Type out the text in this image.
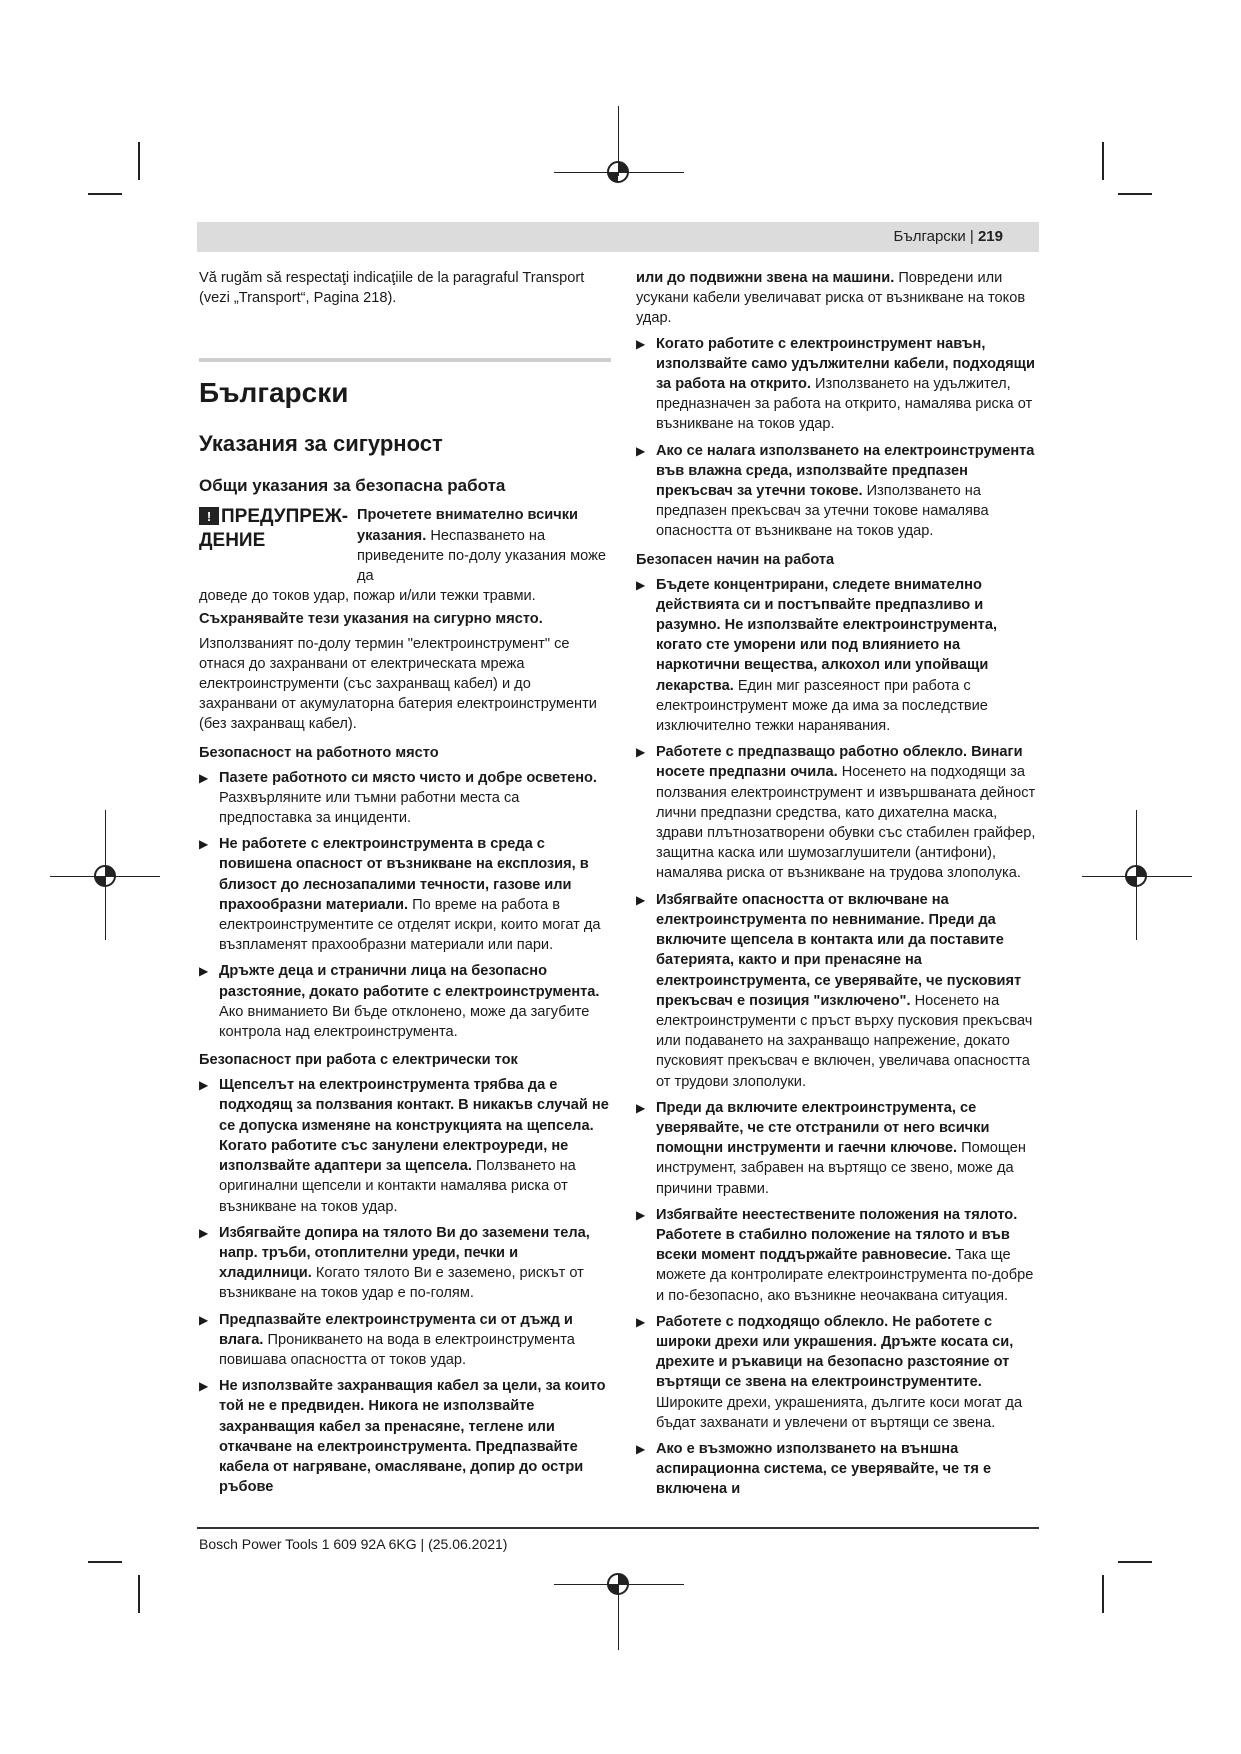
Български | 219

Vă rugăm să respectaţi indicaţiile de la paragraful Transport (vezi „Transport“, Pagina 218).

Български
Указания за сигурност
Общи указания за безопасна работа
! ПРЕДУПРЕЖ-
ДЕНИЕ
Прочетете внимателно всички указания. Неспазването на приведените по-долу указания може да

доведе до токов удар, пожар и/или тежки травми.

Съхранявайте тези указания на сигурно място.

Използваният по-долу термин "електроинструмент" се отнася до захранвани от електрическата мрежа електроинструменти (със захранващ кабел) и до захранвани от акумулаторна батерия електроинструменти (без захранващ кабел).

Безопасност на работното място
▶ Пазете работното си място чисто и добре осветено. Разхвърляните или тъмни работни места са предпоставка за инциденти.
▶ Не работете с електроинструмента в среда с повишена опасност от възникване на експлозия, в близост до леснозапалими течности, газове или прахообразни материали. По време на работа в електроинструментите се отделят искри, които могат да възпламенят прахообразни материали или пари.
▶ Дръжте деца и странични лица на безопасно разстояние, докато работите с електроинструмента. Ако вниманието Ви бъде отклонено, може да загубите контрола над електроинструмента.
Безопасност при работа с електрически ток
▶ Щепселът на електроинструмента трябва да е подходящ за ползвания контакт. В никакъв случай не се допуска изменяне на конструкцията на щепсела. Когато работите със занулени електроуреди, не използвайте адаптери за щепсела. Ползването на оригинални щепсели и контакти намалява риска от възникване на токов удар.
▶ Избягвайте допира на тялото Ви до заземени тела, напр. тръби, отоплителни уреди, печки и хладилници. Когато тялото Ви е заземено, рискът от възникване на токов удар е по-голям.
▶ Предпазвайте електроинструмента си от дъжд и влага. Проникването на вода в електроинструмента повишава опасността от токов удар.
▶ Не използвайте захранващия кабел за цели, за които той не е предвиден. Никога не използвайте захранващия кабел за пренасяне, теглене или откачване на електроинструмента. Предпазвайте кабела от нагряване, омасляване, допир до остри ръбове

или до подвижни звена на машини. Повредени или усукани кабели увеличават риска от възникване на токов удар.

▶ Когато работите с електроинструмент навън, използвайте само удължителни кабели, подходящи за работа на открито. Използването на удължител, предназначен за работа на открито, намалява риска от възникване на токов удар.
▶ Ако се налага използването на електроинструмента във влажна среда, използвайте предпазен прекъсвач за утечни токове. Използването на предпазен прекъсвач за утечни токове намалява опасността от възникване на токов удар.
Безопасен начин на работа
▶ Бъдете концентрирани, следете внимателно действията си и постъпвайте предпазливо и разумно. Не използвайте електроинструмента, когато сте уморени или под влиянието на наркотични вещества, алкохол или упойващи лекарства. Един миг разсеяност при работа с електроинструмент може да има за последствие изключително тежки наранявания.
▶ Работете с предпазващо работно облекло. Винаги носете предпазни очила. Носенето на подходящи за ползвания електроинструмент и извършваната дейност лични предпазни средства, като дихателна маска, здрави плътнозатворени обувки със стабилен грайфер, защитна каска или шумозаглушители (антифони), намалява риска от възникване на трудова злополука.
▶ Избягвайте опасността от включване на електроинструмента по невнимание. Преди да включите щепсела в контакта или да поставите батерията, както и при пренасяне на електроинструмента, се уверявайте, че пусковият прекъсвач е позиция "изключено". Носенето на електроинструменти с пръст върху пусковия прекъсвач или подаването на захранващо напрежение, докато пусковият прекъсвач е включен, увеличава опасността от трудови злополуки.
▶ Преди да включите електроинструмента, се уверявайте, че сте отстранили от него всички помощни инструменти и гаечни ключове. Помощен инструмент, забравен на въртящо се звено, може да причини травми.
▶ Избягвайте неестествените положения на тялото. Работете в стабилно положение на тялото и във всеки момент поддържайте равновесие. Така ще можете да контролирате електроинструмента по-добре и по-безопасно, ако възникне неочаквана ситуация.
▶ Работете с подходящо облекло. Не работете с широки дрехи или украшения. Дръжте косата си, дрехите и ръкавици на безопасно разстояние от въртящи се звена на електроинструментите. Широките дрехи, украшенията, дългите коси могат да бъдат захванати и увлечени от въртящи се звена.
▶ Ако е възможно използването на външна аспирационна система, се уверявайте, че тя е включена и
Bosch Power Tools 1 609 92A 6KG | (25.06.2021)
